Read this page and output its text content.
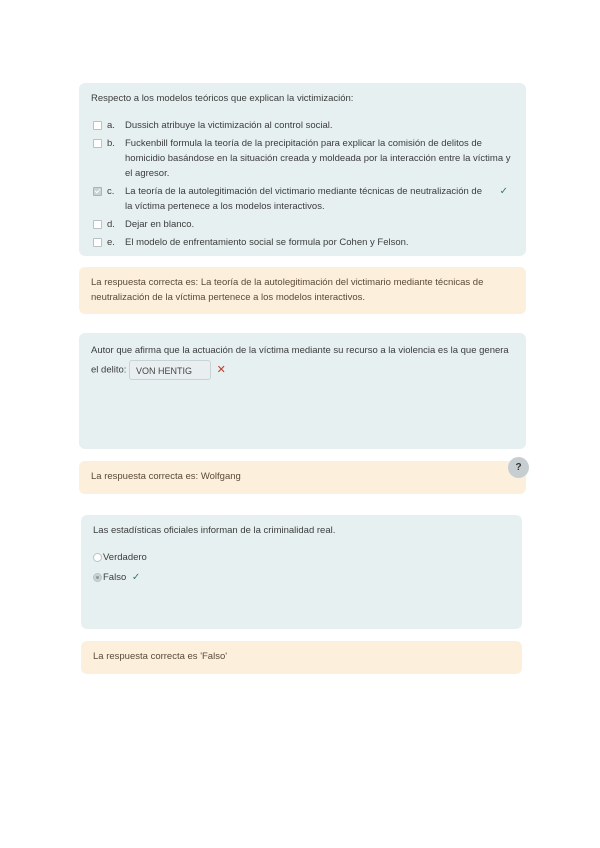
Respecto a los modelos teóricos que explican la victimización:

a. Dussich atribuye la victimización al control social.
b. Fuckenbill formula la teoría de la precipitación para explicar la comisión de delitos de homicidio basándose en la situación creada y moldeada por la interacción entre la víctima y el agresor.
c. La teoría de la autolegitimación del victimario mediante técnicas de neutralización de la víctima pertenece a los modelos interactivos.
✓
d. Dejar en blanco.
e. El modelo de enfrentamiento social se formula por Cohen y Felson.
La respuesta correcta es: La teoría de la autolegitimación del victimario mediante técnicas de neutralización de la víctima pertenece a los modelos interactivos.
Autor que afirma que la actuación de la víctima mediante su recurso a la violencia es la que genera el delito: VON HENTIG ✕
La respuesta correcta es: Wolfgang
?

Las estadísticas oficiales informan de la criminalidad real.

Verdadero
Falso ✓
La respuesta correcta es 'Falso'
